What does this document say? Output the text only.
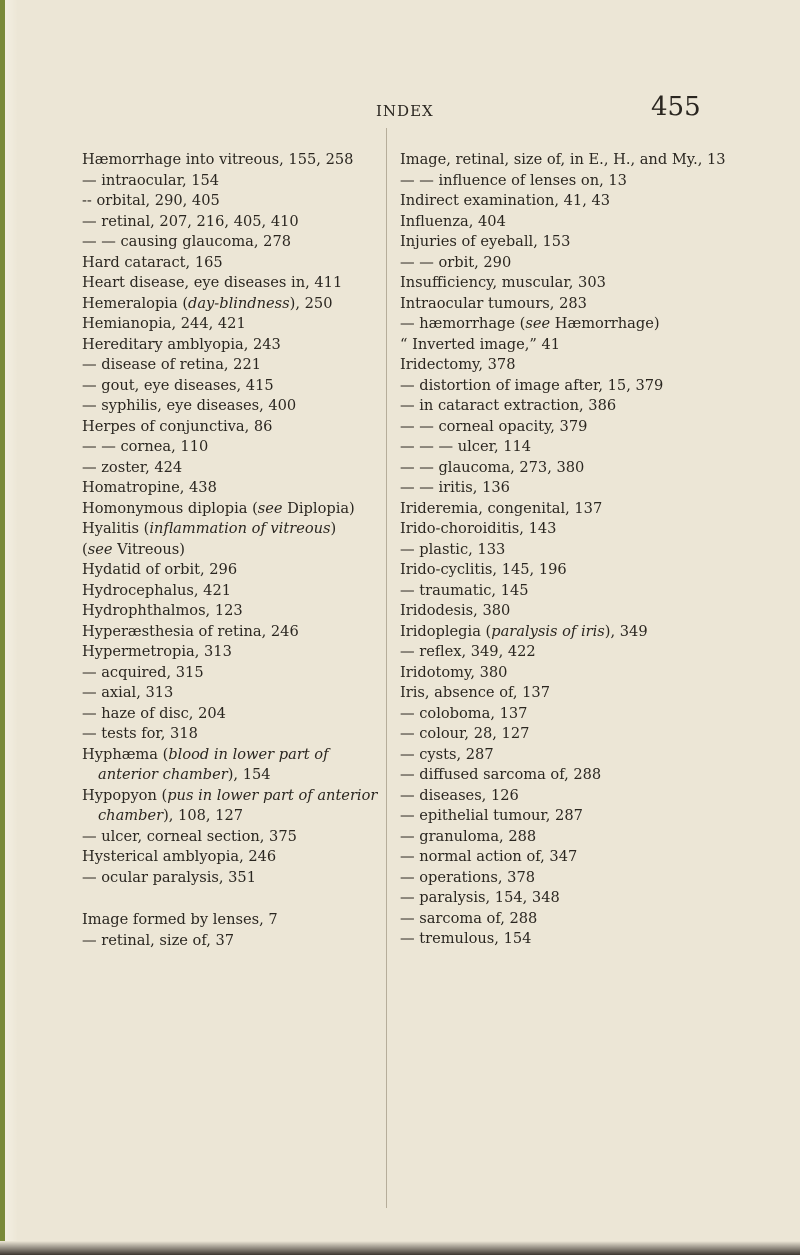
INDEX	455
Hæmorrhage into vitreous, 155, 258
— intraocular, 154
-- orbital, 290, 405
— retinal, 207, 216, 405, 410
— — causing glaucoma, 278
Hard cataract, 165
Heart disease, eye diseases in, 411
Hemeralopia (day-blindness), 250
Hemianopia, 244, 421
Hereditary amblyopia, 243
— disease of retina, 221
— gout, eye diseases, 415
— syphilis, eye diseases, 400
Herpes of conjunctiva, 86
— — cornea, 110
— zoster, 424
Homatropine, 438
Homonymous diplopia (see Diplopia)
Hyalitis (inflammation of vitreous)
(see Vitreous)
Hydatid of orbit, 296
Hydrocephalus, 421
Hydrophthalmos, 123
Hyperæsthesia of retina, 246
Hypermetropia, 313
— acquired, 315
— axial, 313
— haze of disc, 204
— tests for, 318
Hyphæma (blood in lower part of anterior chamber), 154
Hypopyon (pus in lower part of anterior chamber), 108, 127
— ulcer, corneal section, 375
Hysterical amblyopia, 246
— ocular paralysis, 351
Image formed by lenses, 7
— retinal, size of, 37
Image, retinal, size of, in E., H., and My., 13
— — influence of lenses on, 13
Indirect examination, 41, 43
Influenza, 404
Injuries of eyeball, 153
— — orbit, 290
Insufficiency, muscular, 303
Intraocular tumours, 283
— hæmorrhage (see Hæmorrhage)
“ Inverted image,” 41
Iridectomy, 378
— distortion of image after, 15, 379
— in cataract extraction, 386
— — corneal opacity, 379
— — — ulcer, 114
— — glaucoma, 273, 380
— — iritis, 136
Irideremia, congenital, 137
Irido-choroiditis, 143
— plastic, 133
Irido-cyclitis, 145, 196
— traumatic, 145
Iridodesis, 380
Iridoplegia (paralysis of iris), 349
— reflex, 349, 422
Iridotomy, 380
Iris, absence of, 137
— coloboma, 137
— colour, 28, 127
— cysts, 287
— diffused sarcoma of, 288
— diseases, 126
— epithelial tumour, 287
— granuloma, 288
— normal action of, 347
— operations, 378
— paralysis, 154, 348
— sarcoma of, 288
— tremulous, 154
